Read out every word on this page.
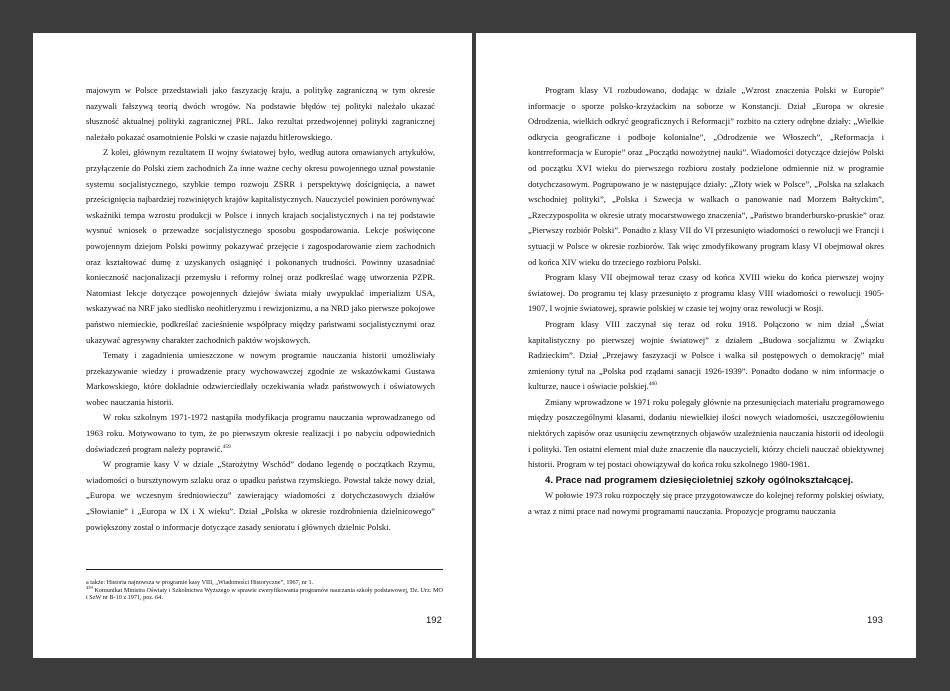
majowym w Polsce przedstawiali jako faszyzację kraju, a politykę zagraniczną w tym okresie nazywali fałszywą teorią dwóch wrogów. Na podstawie błędów tej polityki należało ukazać słuszność aktualnej polityki zagranicznej PRL. Jako rezultat przedwojennej polityki zagranicznej należało pokazać osamotnienie Polski w czasie najazdu hitlerowskiego.

Z kolei, głównym rezultatem II wojny światowej było, według autora omawianych artykułów, przyłączenie do Polski ziem zachodnich Za inne ważne cechy okresu powojennego uznał powstanie systemu socjalistycznego, szybkie tempo rozwoju ZSRR i perspektywę doścignięcia, a nawet prześcignięcia najbardziej rozwiniętych krajów kapitalistycznych. Nauczyciel powinien porównywać wskaźniki tempa wzrostu produkcji w Polsce i innych krajach socjalistycznych i na tej podstawie wysnuć wniosek o przewadze socjalistycznego sposobu gospodarowania. Lekcje poświęcone powojennym dziejom Polski powinny pokazywać przejęcie i zagospodarowanie ziem zachodnich oraz kształtować dumę z uzyskanych osiągnięć i pokonanych trudności. Powinny uzasadniać konieczność nacjonalizacji przemysłu i reformy rolnej oraz podkreślać wagę utworzenia PZPR. Natomiast lekcje dotyczące powojennych dziejów świata miały uwypuklać imperializm USA, wskazywać na NRF jako siedlisko neohitleryzmu i rewizjonizmu, a na NRD jako pierwsze pokojowe państwo niemieckie, podkreślać zacieśnienie współpracy między państwami socjalistycznymi oraz ukazywać agresywny charakter zachodnich paktów wojskowych.

Tematy i zagadnienia umieszczone w nowym programie nauczania historii umożliwiały przekazywanie wiedzy i prowadzenie pracy wychowawczej zgodnie ze wskazówkami Gustawa Markowskiego, które dokładnie odzwierciedlały oczekiwania władz państwowych i oświatowych wobec nauczania historii.

W roku szkolnym 1971-1972 nastąpiła modyfikacja programu nauczania wprowadzanego od 1963 roku. Motywowano to tym, że po pierwszym okresie realizacji i po nabyciu odpowiednich doświadczeń program należy poprawić.$^{459}$

W programie kasy V w dziale „Starożytny Wschód” dodano legendę o początkach Rzymu, wiadomości o bursztynowym szlaku oraz o upadku państwa rzymskiego. Powstał także nowy dział, „Europa we wczesnym średniowieczu” zawierający wiadomości z dotychczasowych działów „Słowianie” i „Europa w IX i X wieku”. Dział „Polska w okresie rozdrobnienia dzielnicowego” powiększony został o informacje dotyczące zasady senioratu i głównych dzielnic Polski.

a także: Historia najnowsza w programie kasy VIII, „Wiadomości Historyczne”, 1967, nr 1.

$^{459}$ Komunikat Ministra Oświaty i Szkolnictwa Wyższego w sprawie zweryfikowania programów nauczania szkoły podstawowej, Dz. Urz. MO i SzW nr B-10 z 1971, poz. 64.

192

Program klasy VI rozbudowano, dodając w dziale „Wzrost znaczenia Polski w Europie” informacje o sporze polsko-krzyżackim na soborze w Konstancji. Dział „Europa w okresie Odrodzenia, wielkich odkryć geograficznych i Reformacji” rozbito na cztery odrębne działy: „Wielkie odkrycia geograficzne i podboje kolonialne”, „Odrodzenie we Włoszech”, „Reformacja i kontrreformacja w Europie” oraz „Początki nowożytnej nauki”. Wiadomości dotyczące dziejów Polski od początku XVI wieku do pierwszego rozbioru zostały podzielone odmiennie niż w programie dotychczasowym. Pogrupowano je w następujące działy: „Złoty wiek w Polsce”, „Polska na szlakach wschodniej polityki”, „Polska i Szwecja w walkach o panowanie nad Morzem Bałtyckim”, „Rzeczypospolita w okresie utraty mocarstwowego znaczenia”, „Państwo branderbursko-pruskie” oraz „Pierwszy rozbiór Polski”. Ponadto z klasy VII do VI przesunięto wiadomości o rewolucji we Francji i sytuacji w Polsce w okresie rozbiorów. Tak więc zmodyfikowany program klasy VI obejmował okres od końca XIV wieku do trzeciego rozbioru Polski.

Program klasy VII obejmował teraz czasy od końca XVIII wieku do końca pierwszej wojny światowej. Do programu tej klasy przesunięto z programu klasy VIII wiadomości o rewolucji 1905-1907, I wojnie światowej, sprawie polskiej w czasie tej wojny oraz rewolucji w Rosji.

Program klasy VIII zaczynał się teraz od roku 1918. Połączono w nim dział „Świat kapitalistyczny po pierwszej wojnie światowej” z działem „Budowa socjalizmu w Związku Radzieckim”. Dział „Przejawy faszyzacji w Polsce i walka sił postępowych o demokrację” miał zmieniony tytuł na „Polska pod rządami sanacji 1926-1939”. Ponadto dodano w nim informacje o kulturze, nauce i oświacie polskiej.$^{460}$

Zmiany wprowadzone w 1971 roku polegały głównie na przesunięciach materiału programowego między poszczególnymi klasami, dodaniu niewielkiej ilości nowych wiadomości, uszczegółowieniu niektórych zapisów oraz usunięciu zewnętrznych objawów uzależnienia nauczania historii od ideologii i polityki. Ten ostatni element miał duże znaczenie dla nauczycieli, którzy chcieli nauczać obiektywnej historii. Program w tej postaci obowiązywał do końca roku szkolnego 1980-1981.

4. Prace nad programem dziesięcioletniej szkoły ogólnokształcącej.

W połowie 1973 roku rozpoczęły się prace przygotowawcze do kolejnej reformy polskiej oświaty, a wraz z nimi prace nad nowymi programami nauczania. Propozycje programu nauczania

193
